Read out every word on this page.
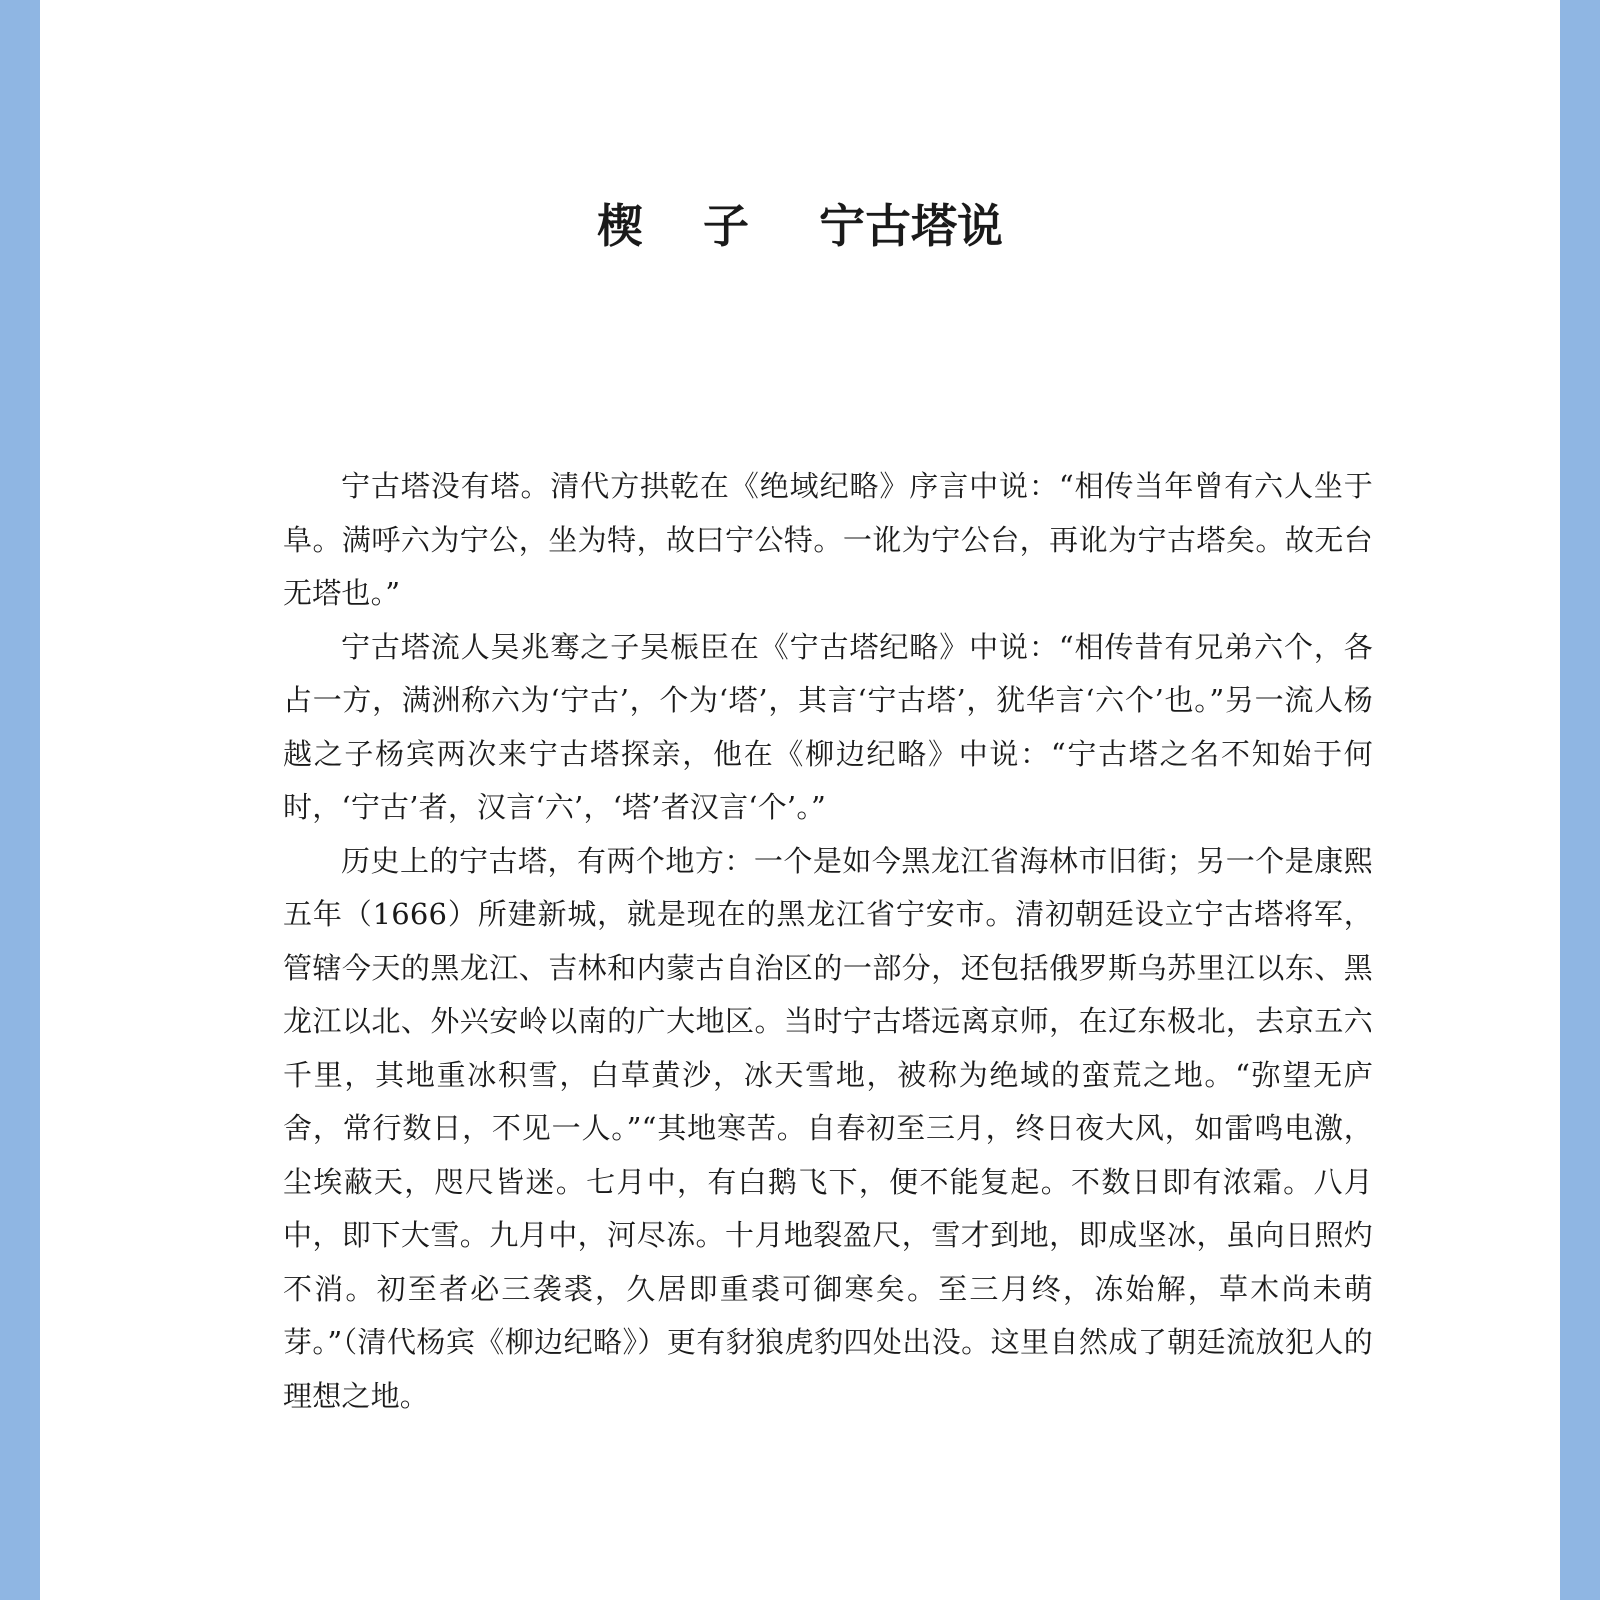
楔 子 宁古塔说

宁古塔没有塔。清代方拱乾在《绝域纪略》序言中说：“相传当年曾有六人坐于阜。满呼六为宁公，坐为特，故曰宁公特。一讹为宁公台，再讹为宁古塔矣。故无台无塔也。”

宁古塔流人吴兆骞之子吴桭臣在《宁古塔纪略》中说：“相传昔有兄弟六个，各占一方，满洲称六为‘宁古’，个为‘塔’，其言‘宁古塔’，犹华言‘六个’也。”另一流人杨越之子杨宾两次来宁古塔探亲，他在《柳边纪略》中说：“宁古塔之名不知始于何时，‘宁古’者，汉言‘六’，‘塔’者汉言‘个’。”

历史上的宁古塔，有两个地方：一个是如今黑龙江省海林市旧街；另一个是康熙五年（1666）所建新城，就是现在的黑龙江省宁安市。清初朝廷设立宁古塔将军，管辖今天的黑龙江、吉林和内蒙古自治区的一部分，还包括俄罗斯乌苏里江以东、黑龙江以北、外兴安岭以南的广大地区。当时宁古塔远离京师，在辽东极北，去京五六千里，其地重冰积雪，白草黄沙，冰天雪地，被称为绝域的蛮荒之地。“弥望无庐舍，常行数日，不见一人。”“其地寒苦。自春初至三月，终日夜大风，如雷鸣电激，尘埃蔽天，咫尺皆迷。七月中，有白鹅飞下，便不能复起。不数日即有浓霜。八月中，即下大雪。九月中，河尽冻。十月地裂盈尺，雪才到地，即成坚冰，虽向日照灼不消。初至者必三袭裘，久居即重裘可御寒矣。至三月终，冻始解，草木尚未萌芽。”（清代杨宾《柳边纪略》）更有豺狼虎豹四处出没。这里自然成了朝廷流放犯人的理想之地。
